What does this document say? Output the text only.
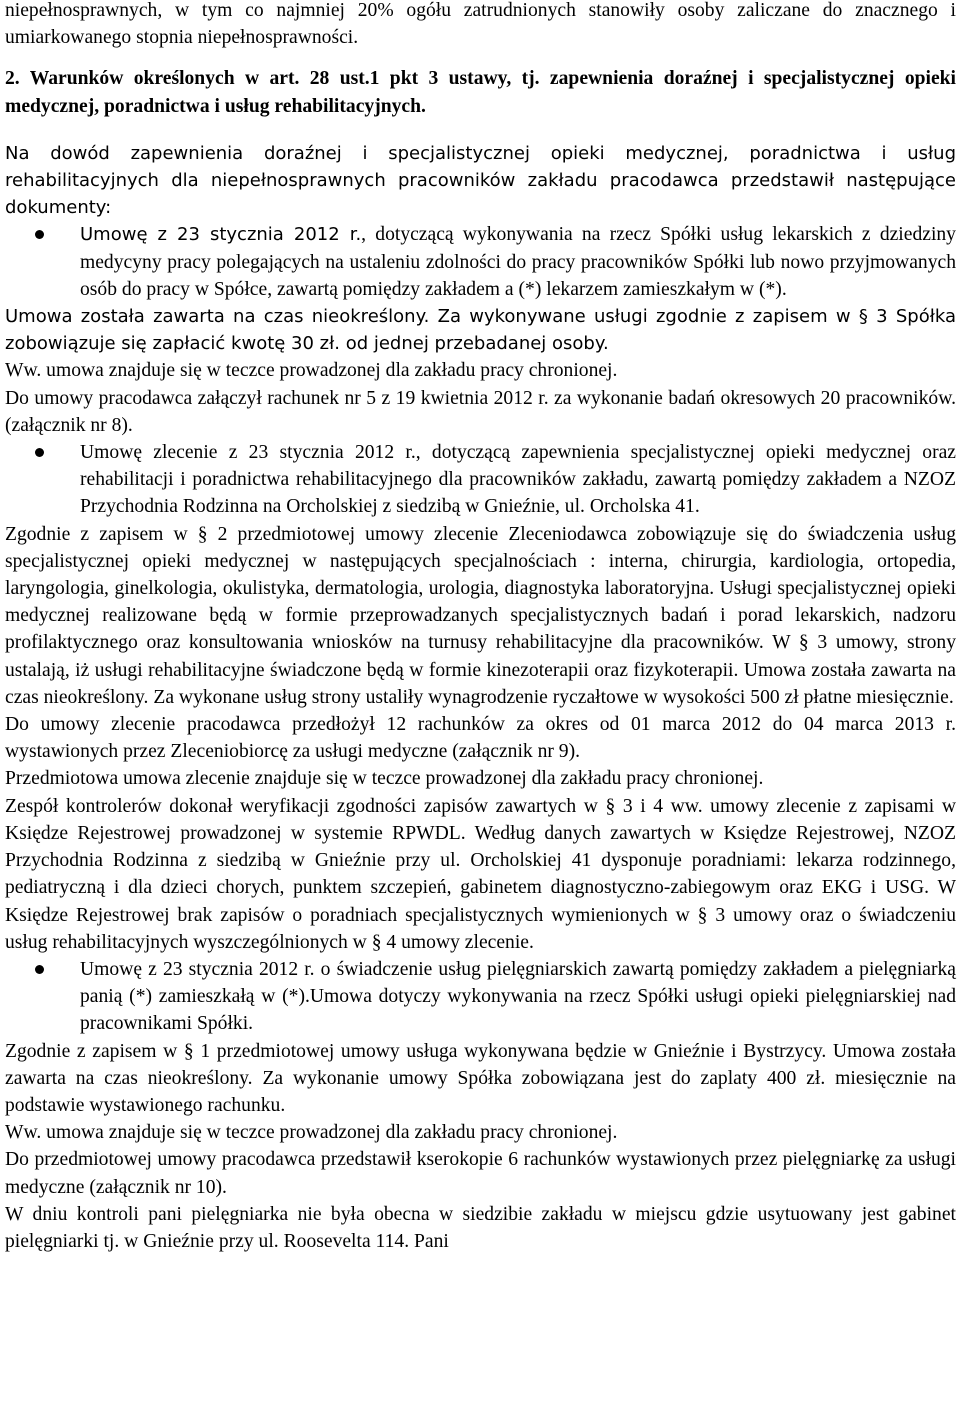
niepełnosprawnych, w tym co najmniej 20% ogółu zatrudnionych stanowiły osoby zaliczane do znacznego i umiarkowanego stopnia niepełnosprawności.

2. Warunków określonych w art. 28 ust.1 pkt 3 ustawy, tj. zapewnienia doraźnej i specjalistycznej opieki medycznej, poradnictwa i usług rehabilitacyjnych.

Na dowód zapewnienia doraźnej i specjalistycznej opieki medycznej, poradnictwa i usług rehabilitacyjnych dla niepełnosprawnych pracowników zakładu pracodawca przedstawił następujące dokumenty:

Umowę z 23 stycznia 2012 r., dotyczącą wykonywania na rzecz Spółki usług lekarskich z dziedziny medycyny pracy polegających na ustaleniu zdolności do pracy pracowników Spółki lub nowo przyjmowanych osób do pracy w Spółce, zawartą pomiędzy zakładem a (*) lekarzem zamieszkałym w (*).

Umowa została zawarta na czas nieokreślony. Za wykonywane usługi zgodnie z zapisem w § 3 Spółka zobowiązuje się zapłacić kwotę 30 zł. od jednej przebadanej osoby.

Ww. umowa znajduje się w teczce prowadzonej dla zakładu pracy chronionej.

Do umowy pracodawca załączył rachunek nr 5 z 19 kwietnia 2012 r. za wykonanie badań okresowych 20 pracowników. (załącznik nr 8).

Umowę zlecenie z 23 stycznia 2012 r., dotyczącą zapewnienia specjalistycznej opieki medycznej oraz rehabilitacji i poradnictwa rehabilitacyjnego dla pracowników zakładu, zawartą pomiędzy zakładem a NZOZ Przychodnia Rodzinna na Orcholskiej z siedzibą w Gnieźnie, ul. Orcholska 41.

Zgodnie z zapisem w § 2 przedmiotowej umowy zlecenie Zleceniodawca zobowiązuje się do świadczenia usług specjalistycznej opieki medycznej w następujących specjalnościach : interna, chirurgia, kardiologia, ortopedia, laryngologia, ginelkologia, okulistyka, dermatologia, urologia, diagnostyka laboratoryjna. Usługi specjalistycznej opieki medycznej realizowane będą w formie przeprowadzanych specjalistycznych badań i porad lekarskich, nadzoru profilaktycznego oraz konsultowania wniosków na turnusy rehabilitacyjne dla pracowników. W § 3 umowy, strony ustalają, iż usługi rehabilitacyjne świadczone będą w formie kinezoterapii oraz fizykoterapii. Umowa została zawarta na czas nieokreślony. Za wykonane usług strony ustaliły wynagrodzenie ryczałtowe w wysokości 500 zł płatne miesięcznie.

Do umowy zlecenie pracodawca przedłożył 12 rachunków za okres od 01 marca 2012 do 04 marca 2013 r. wystawionych przez Zleceniobiorcę za usługi medyczne (załącznik nr 9).

Przedmiotowa umowa zlecenie znajduje się w teczce prowadzonej dla zakładu pracy chronionej.

Zespół kontrolerów dokonał weryfikacji zgodności zapisów zawartych w § 3 i 4 ww. umowy zlecenie z zapisami w Księdze Rejestrowej prowadzonej w systemie RPWDL. Według danych zawartych w Księdze Rejestrowej, NZOZ Przychodnia Rodzinna z siedzibą w Gnieźnie przy ul. Orcholskiej 41 dysponuje poradniami: lekarza rodzinnego, pediatryczną i dla dzieci chorych, punktem szczepień, gabinetem diagnostyczno-zabiegowym oraz EKG i USG. W Księdze Rejestrowej brak zapisów o poradniach specjalistycznych wymienionych w § 3 umowy oraz o świadczeniu usług rehabilitacyjnych wyszczególnionych w § 4 umowy zlecenie.

Umowę z 23 stycznia 2012 r. o świadczenie usług pielęgniarskich zawartą pomiędzy zakładem a pielęgniarką panią (*) zamieszkałą w (*).Umowa dotyczy wykonywania na rzecz Spółki usługi opieki pielęgniarskiej nad pracownikami Spółki.

Zgodnie z zapisem w § 1 przedmiotowej umowy usługa wykonywana będzie w Gnieźnie i Bystrzycy. Umowa została zawarta na czas nieokreślony. Za wykonanie umowy Spółka zobowiązana jest do zaplaty 400 zł. miesięcznie na podstawie wystawionego rachunku.

Ww. umowa znajduje się w teczce prowadzonej dla zakładu pracy chronionej.

Do przedmiotowej umowy pracodawca przedstawił kserokopie 6 rachunków wystawionych przez pielęgniarkę za usługi medyczne (załącznik nr 10).

W dniu kontroli pani pielęgniarka nie była obecna w siedzibie zakładu w miejscu gdzie usytuowany jest gabinet pielęgniarki tj. w Gnieźnie przy ul. Roosevelta 114. Pani
